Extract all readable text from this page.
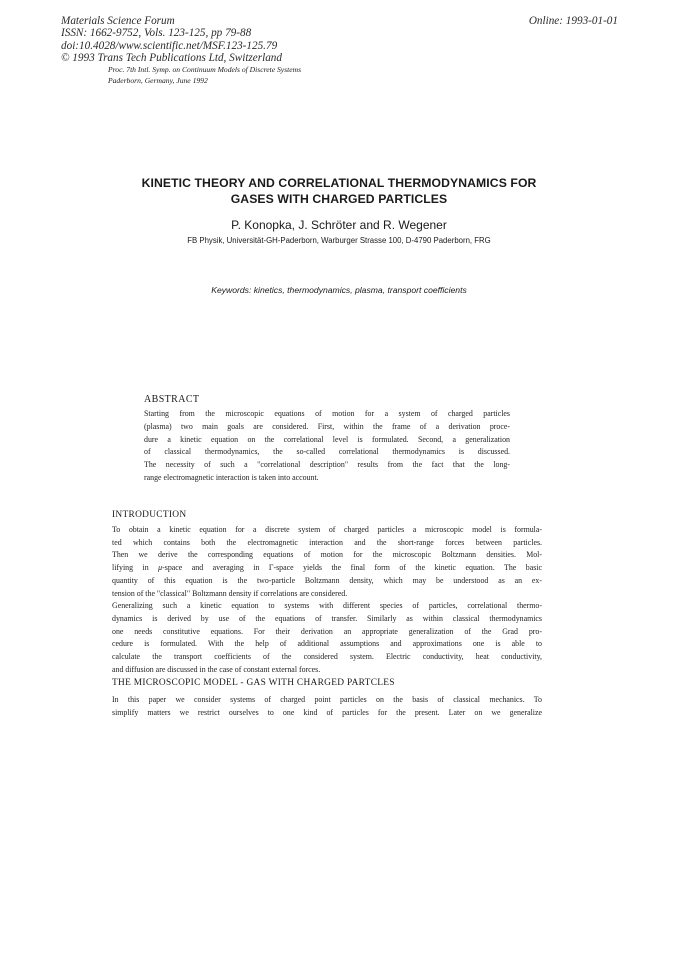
Materials Science Forum
ISSN: 1662-9752, Vols. 123-125, pp 79-88
doi:10.4028/www.scientific.net/MSF.123-125.79
© 1993 Trans Tech Publications Ltd, Switzerland
Online: 1993-01-01
Proc. 7th Intl. Symp. on Continuum Models of Discrete Systems
Paderborn, Germany, June 1992
KINETIC THEORY AND CORRELATIONAL THERMODYNAMICS FOR
GASES WITH CHARGED PARTICLES
P. Konopka, J. Schröter and R. Wegener
FB Physik, Universität-GH-Paderborn, Warburger Strasse 100, D-4790 Paderborn, FRG
Keywords: kinetics, thermodynamics, plasma, transport coefficients
ABSTRACT
Starting from the microscopic equations of motion for a system of charged particles
(plasma) two main goals are considered. First, within the frame of a derivation proce-
dure a kinetic equation on the correlational level is formulated. Second, a generalization
of classical thermodynamics, the so-called correlational thermodynamics is discussed.
The necessity of such a "correlational description" results from the fact that the long-
range electromagnetic interaction is taken into account.
INTRODUCTION
To obtain a kinetic equation for a discrete system of charged particles a microscopic model is formula-
ted which contains both the electromagnetic interaction and the short-range forces between particles.
Then we derive the corresponding equations of motion for the microscopic Boltzmann densities. Mol-
lifying in μ-space and averaging in Γ-space yields the final form of the kinetic equation. The basic
quantity of this equation is the two-particle Boltzmann density, which may be understood as an ex-
tension of the "classical" Boltzmann density if correlations are considered.
Generalizing such a kinetic equation to systems with different species of particles, correlational thermo-
dynamics is derived by use of the equations of transfer. Similarly as within classical thermodynamics
one needs constitutive equations. For their derivation an appropriate generalization of the Grad pro-
cedure is formulated. With the help of additional assumptions and approximations one is able to
calculate the transport coefficients of the considered system. Electric conductivity, heat conductivity,
and diffusion are discussed in the case of constant external forces.
THE MICROSCOPIC MODEL - GAS WITH CHARGED PARTCLES
In this paper we consider systems of charged point particles on the basis of classical mechanics. To
simplify matters we restrict ourselves to one kind of particles for the present. Later on we generalize
